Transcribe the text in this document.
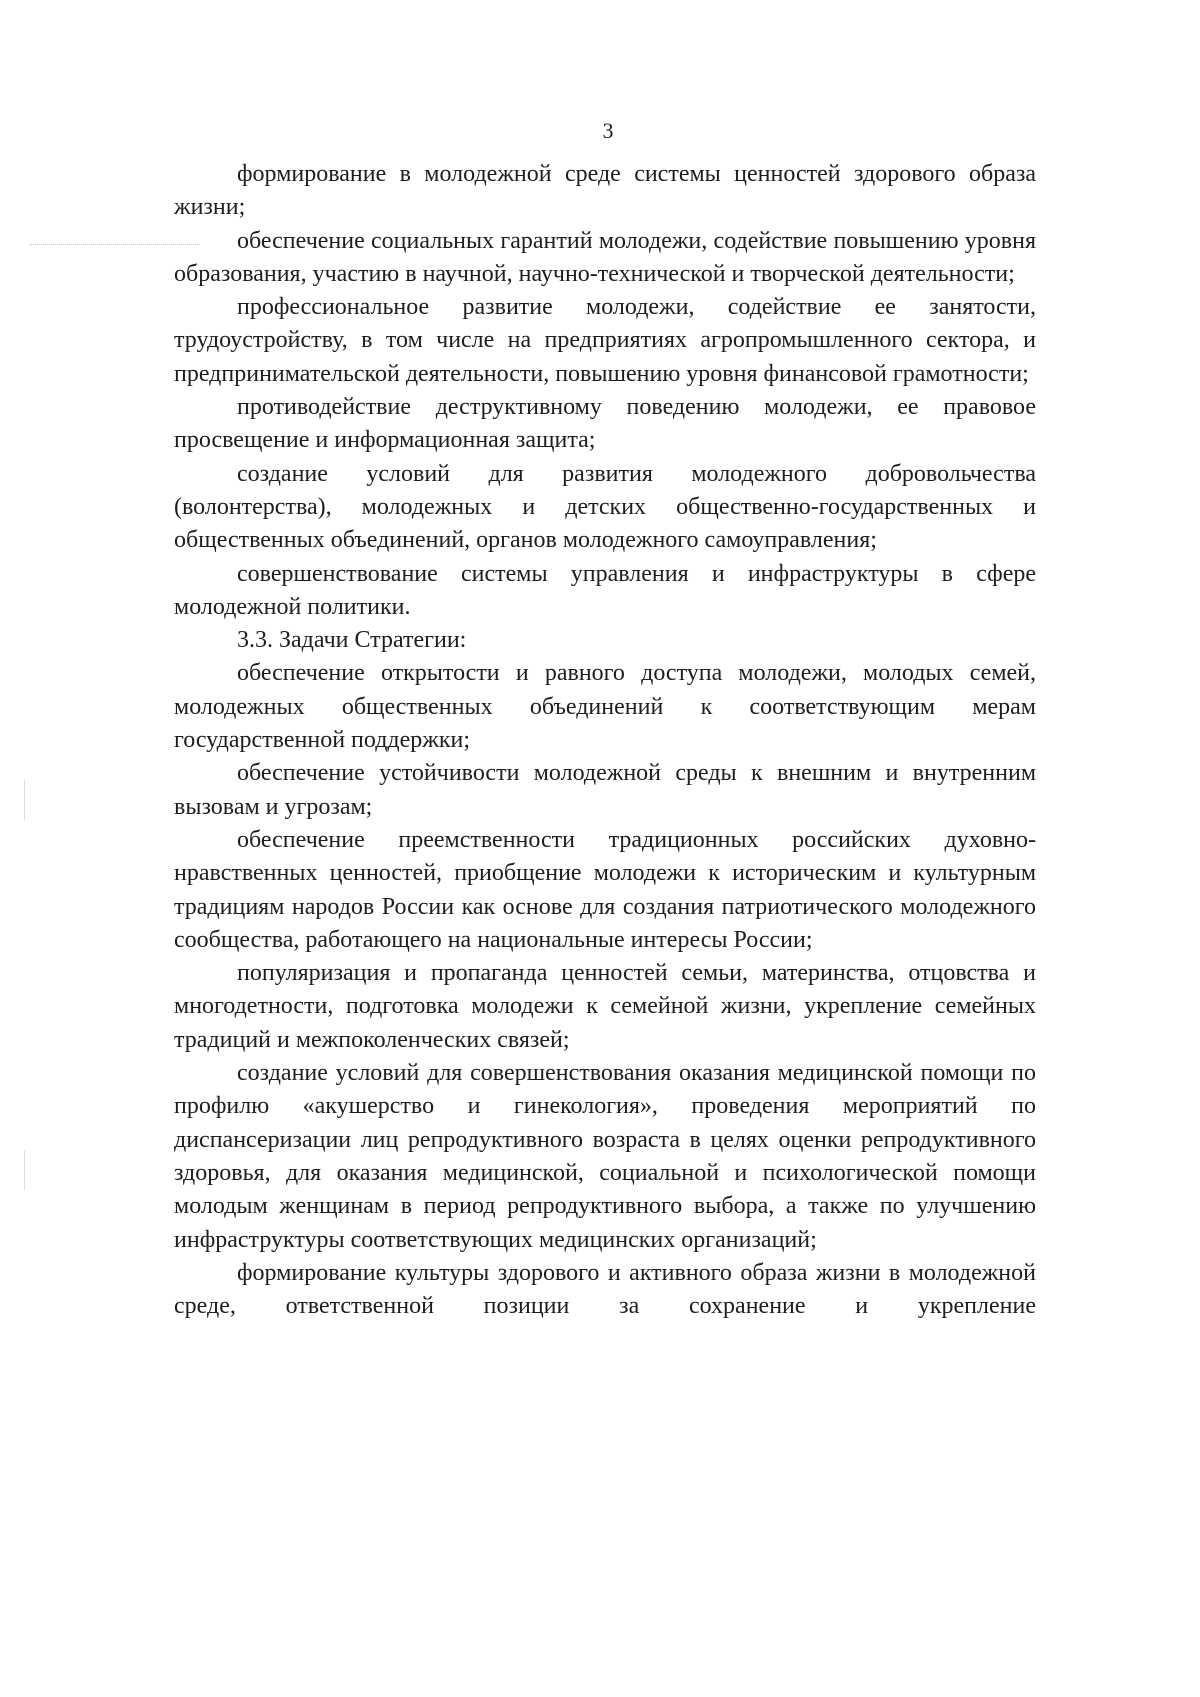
3

формирование в молодежной среде системы ценностей здорового образа жизни;

обеспечение социальных гарантий молодежи, содействие повышению уровня образования, участию в научной, научно-технической и творческой деятельности;

профессиональное развитие молодежи, содействие ее занятости, трудоустройству, в том числе на предприятиях агропромышленного сектора, и предпринимательской деятельности, повышению уровня финансовой грамотности;

противодействие деструктивному поведению молодежи, ее правовое просвещение и информационная защита;

создание условий для развития молодежного добровольчества (волонтерства), молодежных и детских общественно-государственных и общественных объединений, органов молодежного самоуправления;

совершенствование системы управления и инфраструктуры в сфере молодежной политики.

3.3. Задачи Стратегии:

обеспечение открытости и равного доступа молодежи, молодых семей, молодежных общественных объединений к соответствующим мерам государственной поддержки;

обеспечение устойчивости молодежной среды к внешним и внутренним вызовам и угрозам;

обеспечение преемственности традиционных российских духовно-нравственных ценностей, приобщение молодежи к историческим и культурным традициям народов России как основе для создания патриотического молодежного сообщества, работающего на национальные интересы России;

популяризация и пропаганда ценностей семьи, материнства, отцовства и многодетности, подготовка молодежи к семейной жизни, укрепление семейных традиций и межпоколенческих связей;

создание условий для совершенствования оказания медицинской помощи по профилю «акушерство и гинекология», проведения мероприятий по диспансеризации лиц репродуктивного возраста в целях оценки репродуктивного здоровья, для оказания медицинской, социальной и психологической помощи молодым женщинам в период репродуктивного выбора, а также по улучшению инфраструктуры соответствующих медицинских организаций;

формирование культуры здорового и активного образа жизни в молодежной среде, ответственной позиции за сохранение и укрепление
